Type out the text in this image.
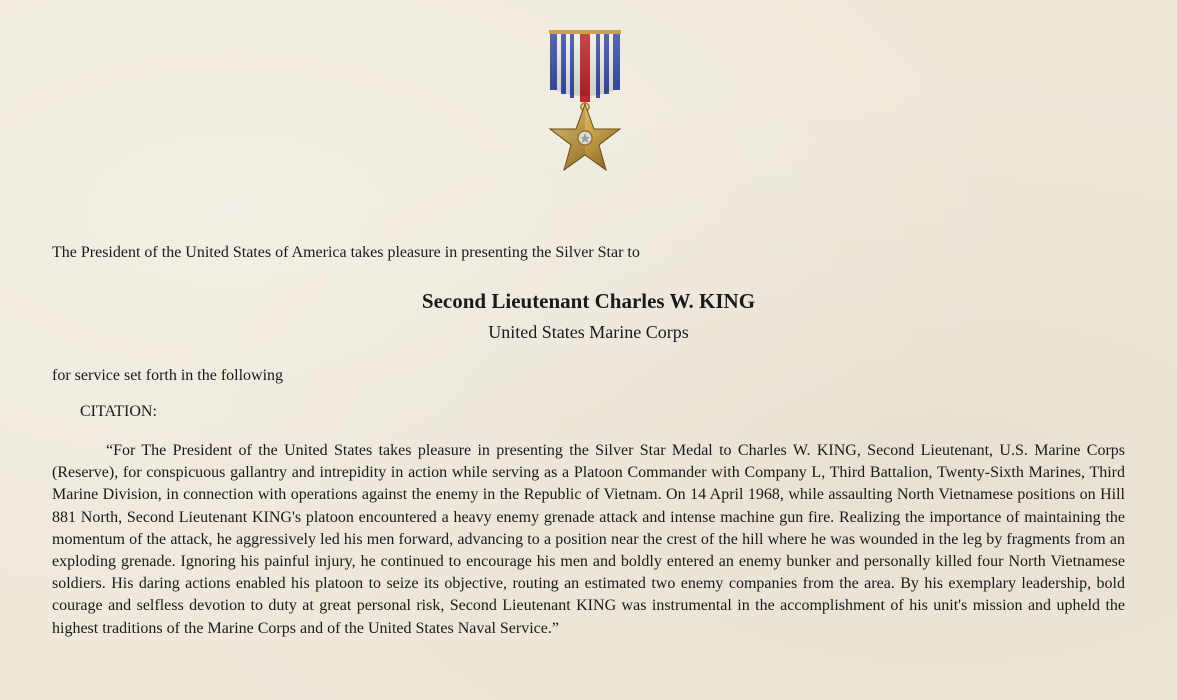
The President of the United States of America takes pleasure in presenting the Silver Star to

Second Lieutenant Charles W. KING

United States Marine Corps

for service set forth in the following

CITATION:

“For The President of the United States takes pleasure in presenting the Silver Star Medal to Charles W. KING, Second Lieutenant, U.S. Marine Corps (Reserve), for conspicuous gallantry and intrepidity in action while serving as a Platoon Commander with Company L, Third Battalion, Twenty-Sixth Marines, Third Marine Division, in connection with operations against the enemy in the Republic of Vietnam. On 14 April 1968, while assaulting North Vietnamese positions on Hill 881 North, Second Lieutenant KING's platoon encountered a heavy enemy grenade attack and intense machine gun fire. Realizing the importance of maintaining the momentum of the attack, he aggressively led his men forward, advancing to a position near the crest of the hill where he was wounded in the leg by fragments from an exploding grenade. Ignoring his painful injury, he continued to encourage his men and boldly entered an enemy bunker and personally killed four North Vietnamese soldiers. His daring actions enabled his platoon to seize its objective, routing an estimated two enemy companies from the area. By his exemplary leadership, bold courage and selfless devotion to duty at great personal risk, Second Lieutenant KING was instrumental in the accomplishment of his unit's mission and upheld the highest traditions of the Marine Corps and of the United States Naval Service.”
